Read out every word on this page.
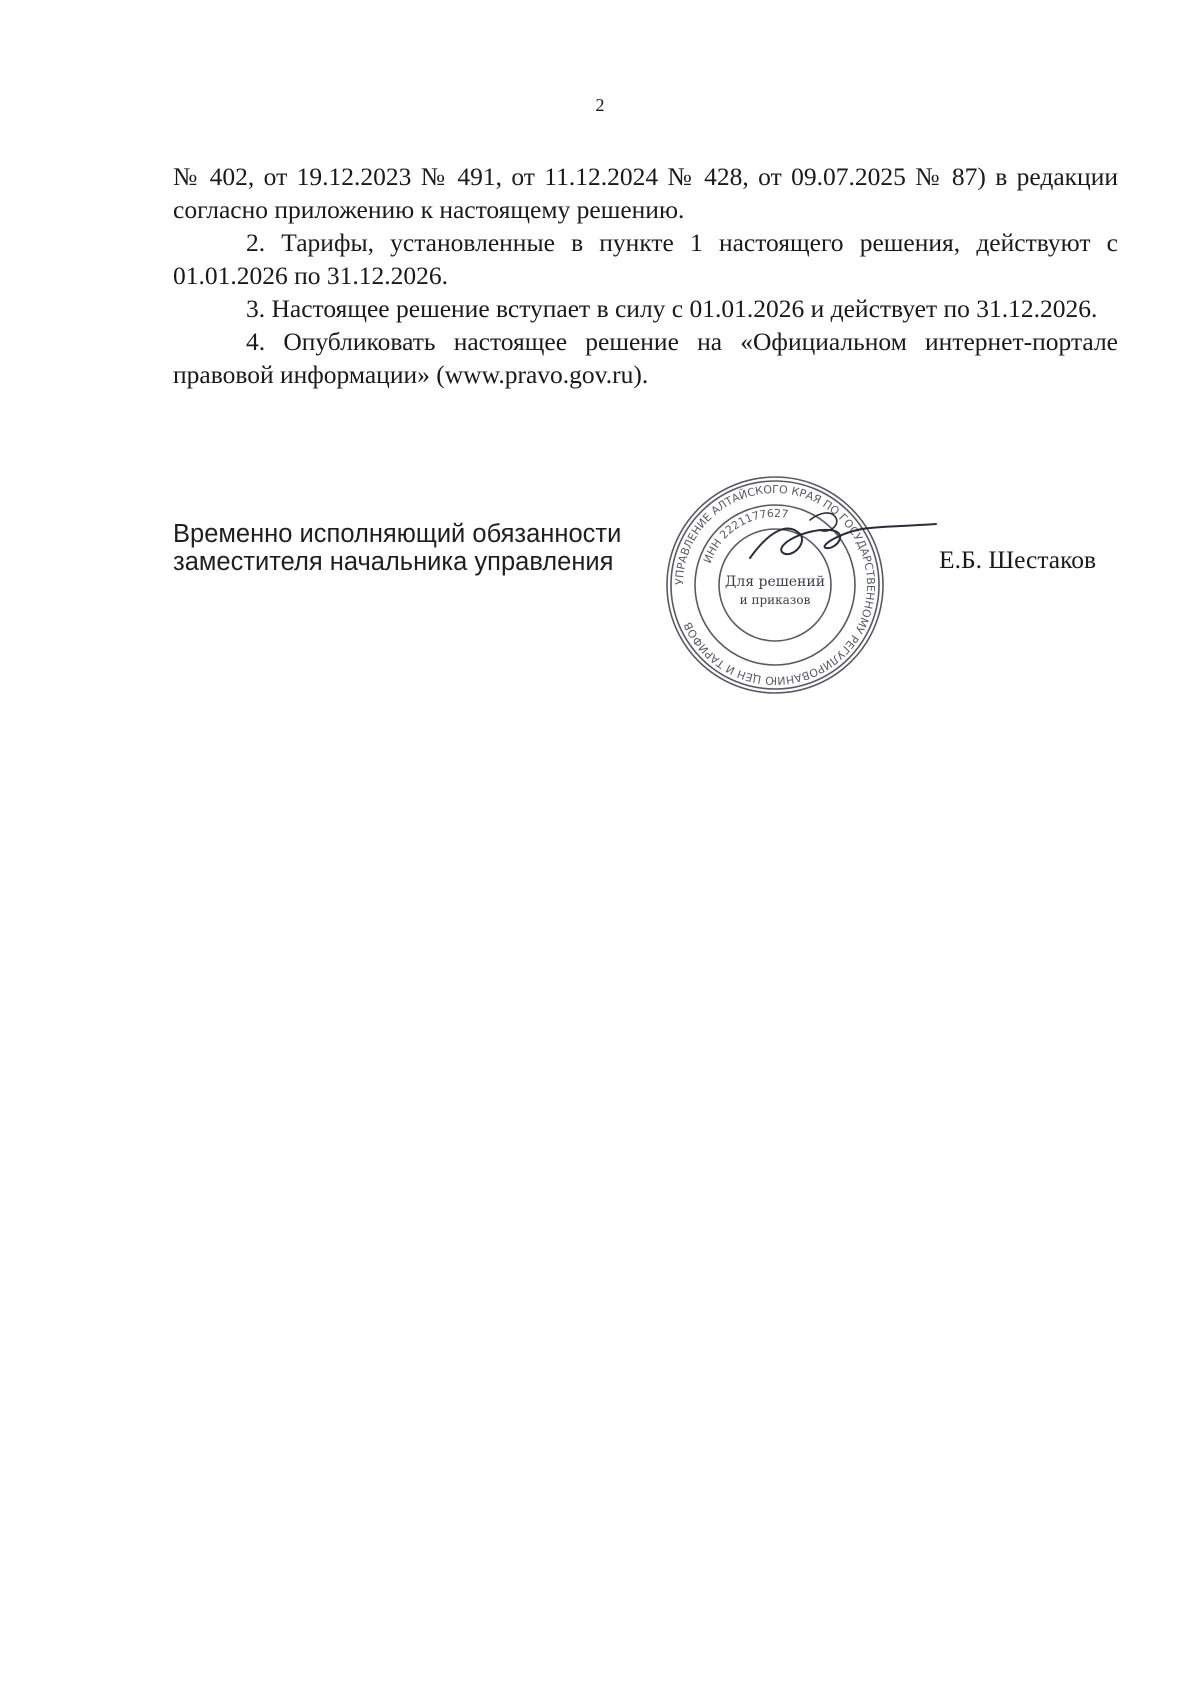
2

№ 402, от 19.12.2023 № 491, от 11.12.2024 № 428, от 09.07.2025 № 87) в редакции согласно приложению к настоящему решению.

2. Тарифы, установленные в пункте 1 настоящего решения, действуют с 01.01.2026 по 31.12.2026.

3. Настоящее решение вступает в силу с 01.01.2026 и действует по 31.12.2026.

4. Опубликовать настоящее решение на «Официальном интернет-портале правовой информации» (www.pravo.gov.ru).

Временно исполняющий обязанности
заместителя начальника управления
УПРАВЛЕНИЕ АЛТАЙСКОГО КРАЯ ПО ГОСУДАРСТВЕННОМУ РЕГУЛИРОВАНИЮ ЦЕН И ТАРИФОВ
ИНН 2221177627
Для решений
и приказов
Е.Б. Шестаков
